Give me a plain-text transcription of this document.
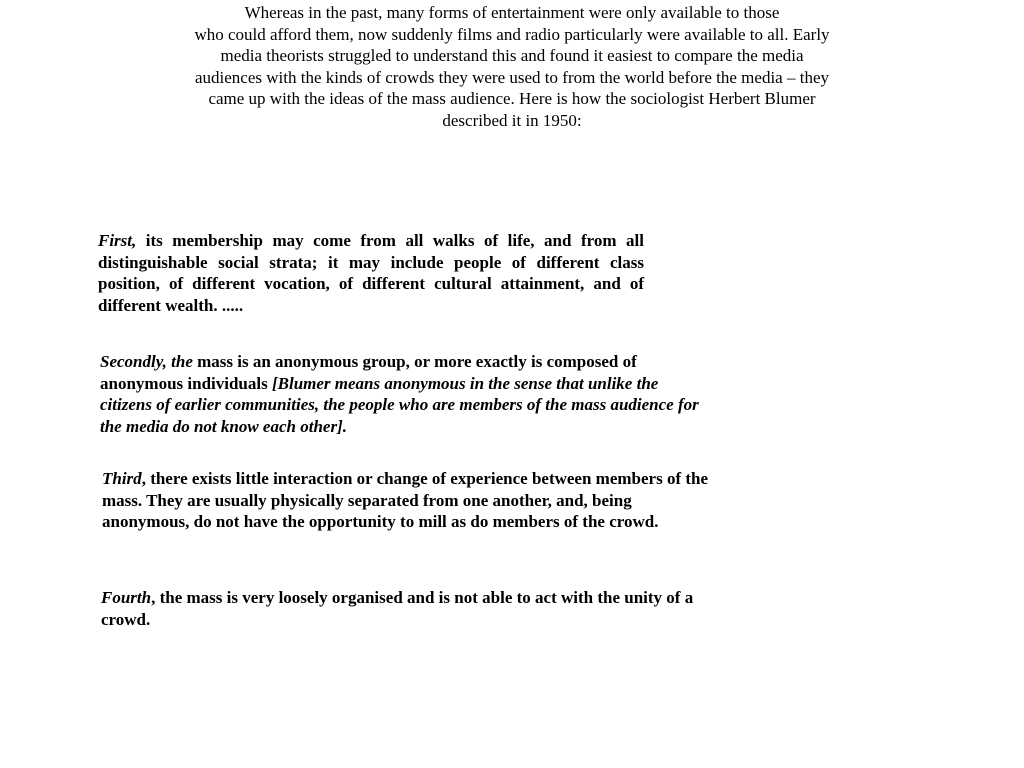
Whereas in the past, many forms of entertainment were only available to those
who could afford them, now suddenly films and radio particularly were available to all. Early
media theorists struggled to understand this and found it easiest to compare the media
audiences with the kinds of crowds they were used to from the world before the media – they
came up with the ideas of the mass audience. Here is how the sociologist Herbert Blumer
described it in 1950:
First, its membership may come from all walks of life, and from all distinguishable social strata; it may include people of different class position, of different vocation, of different cultural attainment, and of different wealth. .....
Secondly, the mass is an anonymous group, or more exactly is composed of anonymous individuals [Blumer means anonymous in the sense that unlike the citizens of earlier communities, the people who are members of the mass audience for the media do not know each other].
Third, there exists little interaction or change of experience between members of the mass. They are usually physically separated from one another, and, being anonymous, do not have the opportunity to mill as do members of the crowd.
Fourth, the mass is very loosely organised and is not able to act with the unity of a crowd.
